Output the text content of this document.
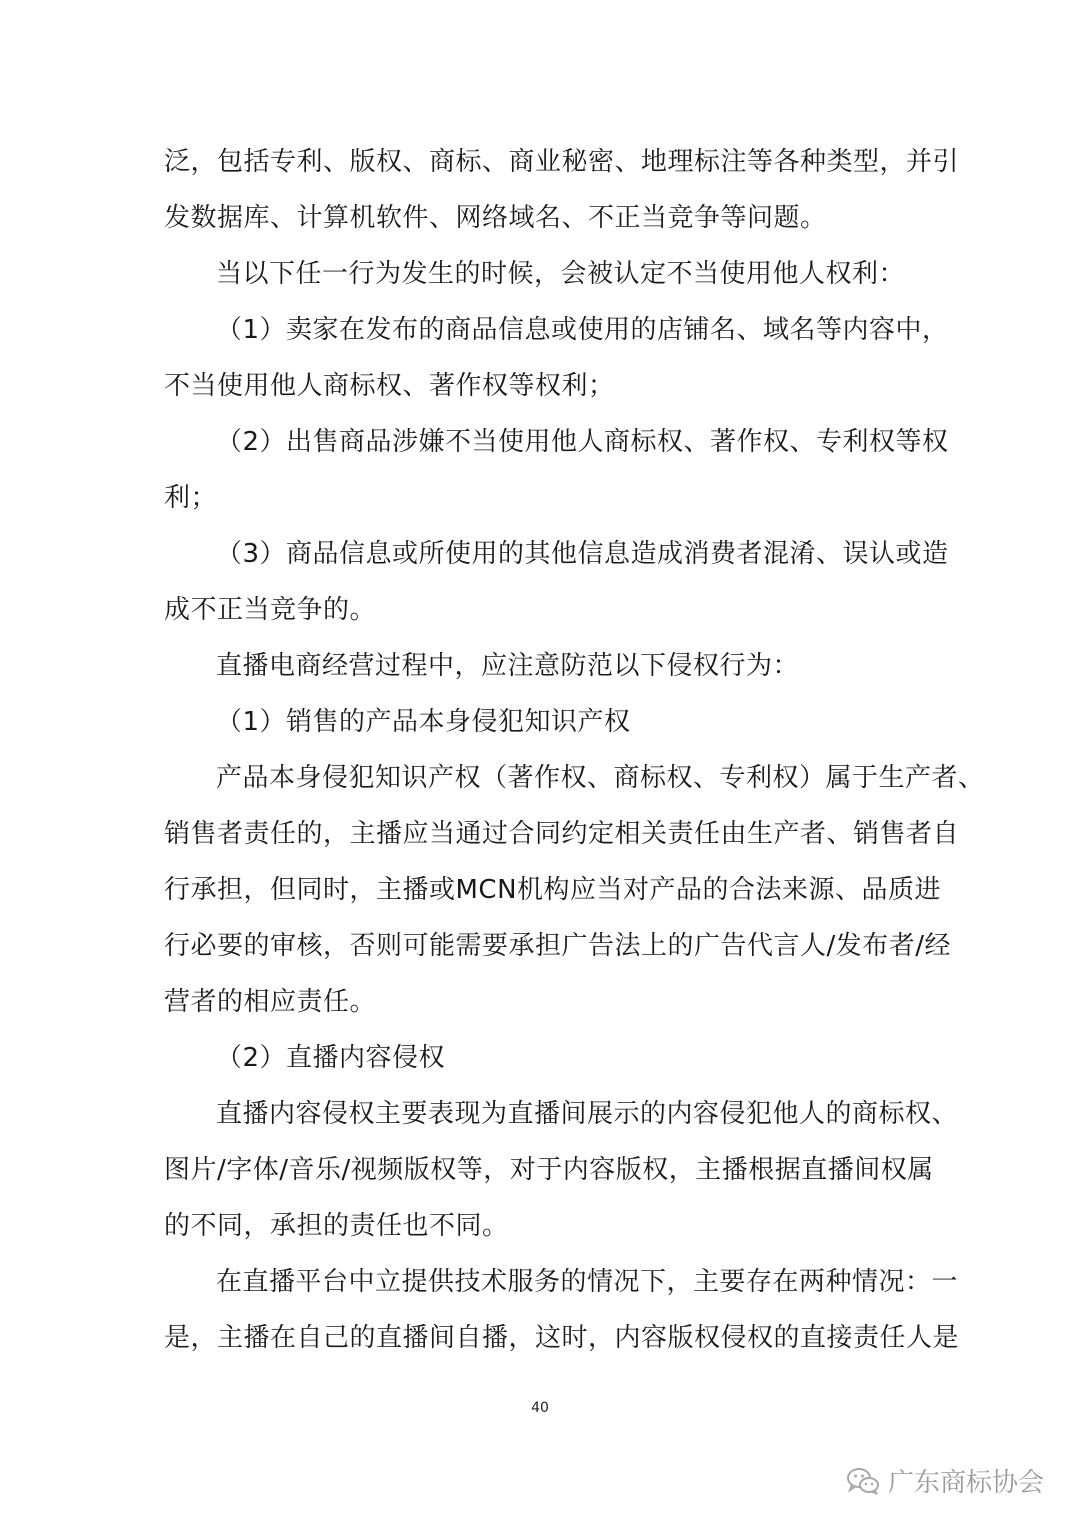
泛，包括专利、版权、商标、商业秘密、地理标注等各种类型，并引
发数据库、计算机软件、网络域名、不正当竞争等问题。
当以下任一行为发生的时候，会被认定不当使用他人权利：
（1）卖家在发布的商品信息或使用的店铺名、域名等内容中，
不当使用他人商标权、著作权等权利；
（2）出售商品涉嫌不当使用他人商标权、著作权、专利权等权
利；
（3）商品信息或所使用的其他信息造成消费者混淆、误认或造
成不正当竞争的。
直播电商经营过程中，应注意防范以下侵权行为：
（1）销售的产品本身侵犯知识产权
产品本身侵犯知识产权（著作权、商标权、专利权）属于生产者、
销售者责任的，主播应当通过合同约定相关责任由生产者、销售者自
行承担，但同时，主播或MCN机构应当对产品的合法来源、品质进
行必要的审核，否则可能需要承担广告法上的广告代言人/发布者/经
营者的相应责任。
（2）直播内容侵权
直播内容侵权主要表现为直播间展示的内容侵犯他人的商标权、
图片/字体/音乐/视频版权等，对于内容版权，主播根据直播间权属
的不同，承担的责任也不同。
在直播平台中立提供技术服务的情况下，主要存在两种情况：一
是，主播在自己的直播间自播，这时，内容版权侵权的直接责任人是
40
广东商标协会
